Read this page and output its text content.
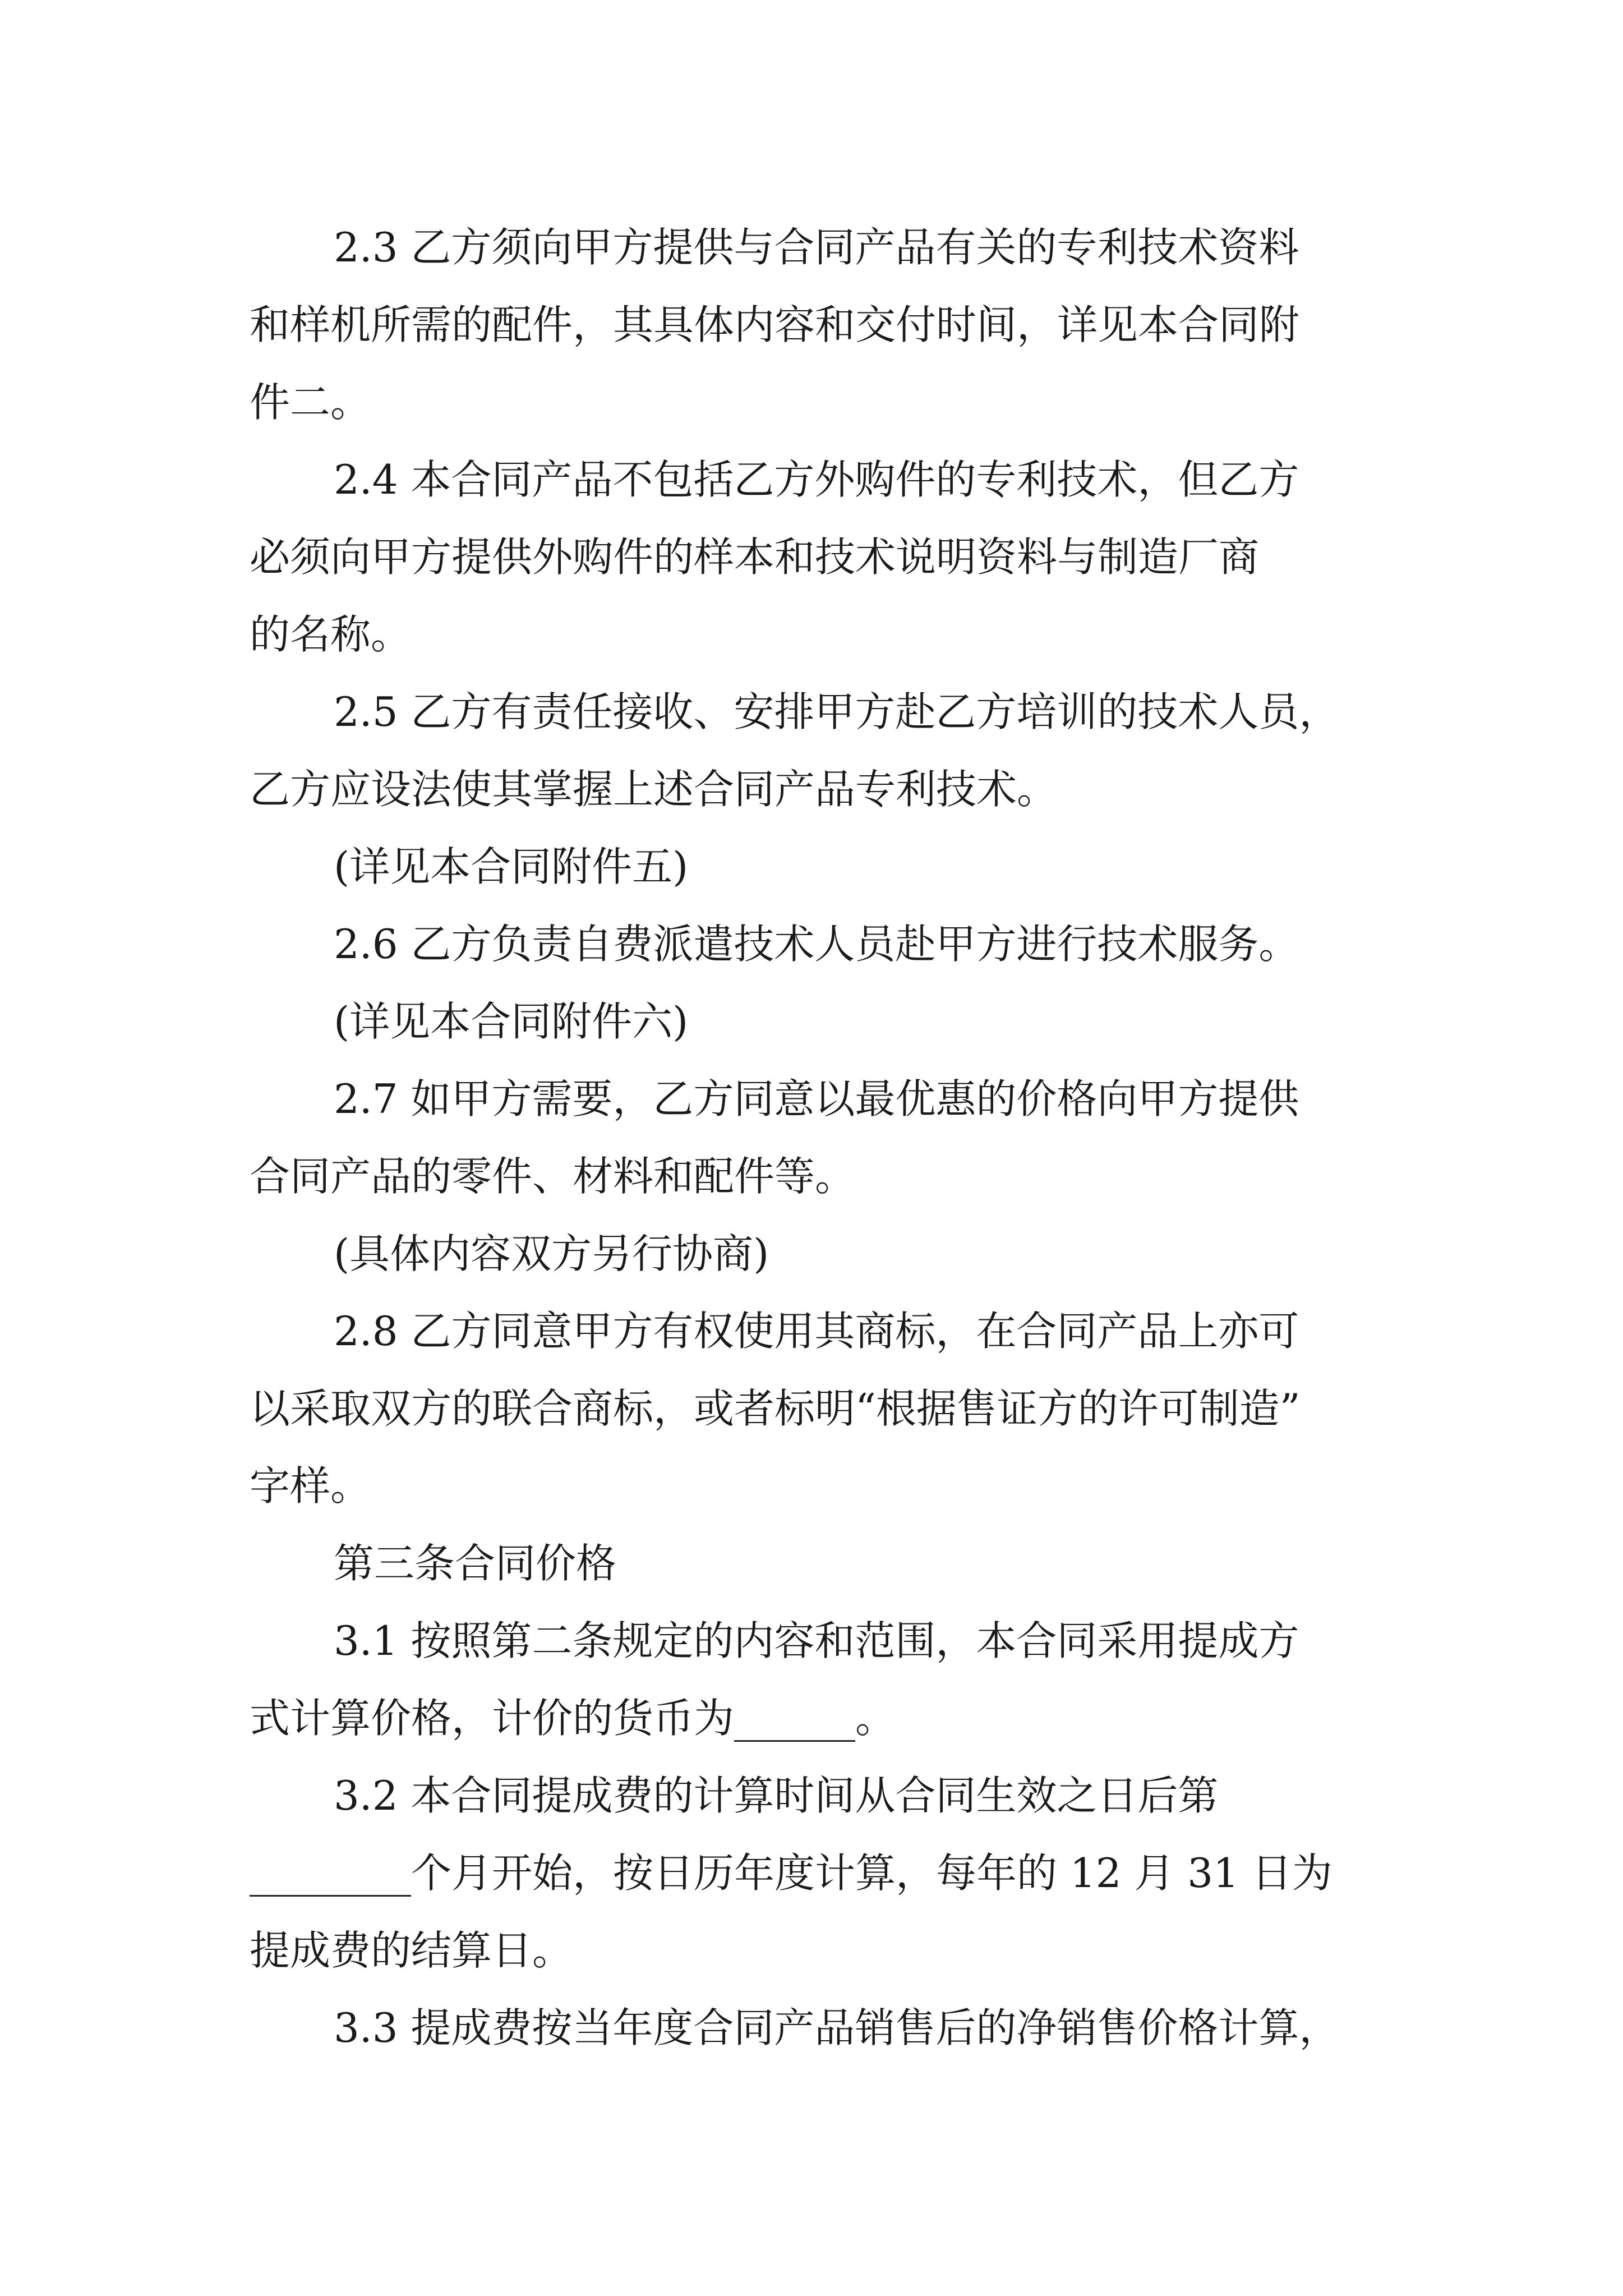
2.3 乙方须向甲方提供与合同产品有关的专利技术资料

和样机所需的配件，其具体内容和交付时间，详见本合同附

件二。

2.4 本合同产品不包括乙方外购件的专利技术，但乙方

必须向甲方提供外购件的样本和技术说明资料与制造厂商

的名称。

2.5 乙方有责任接收、安排甲方赴乙方培训的技术人员，

乙方应设法使其掌握上述合同产品专利技术。

(详见本合同附件五)

2.6 乙方负责自费派遣技术人员赴甲方进行技术服务。

(详见本合同附件六)

2.7 如甲方需要，乙方同意以最优惠的价格向甲方提供

合同产品的零件、材料和配件等。

(具体内容双方另行协商)

2.8 乙方同意甲方有权使用其商标，在合同产品上亦可

以采取双方的联合商标，或者标明“根据售证方的许可制造”

字样。

第三条合同价格

3.1 按照第二条规定的内容和范围，本合同采用提成方

式计算价格，计价的货币为______。

3.2 本合同提成费的计算时间从合同生效之日后第

________个月开始，按日历年度计算，每年的 12 月 31 日为

提成费的结算日。

3.3 提成费按当年度合同产品销售后的净销售价格计算，
